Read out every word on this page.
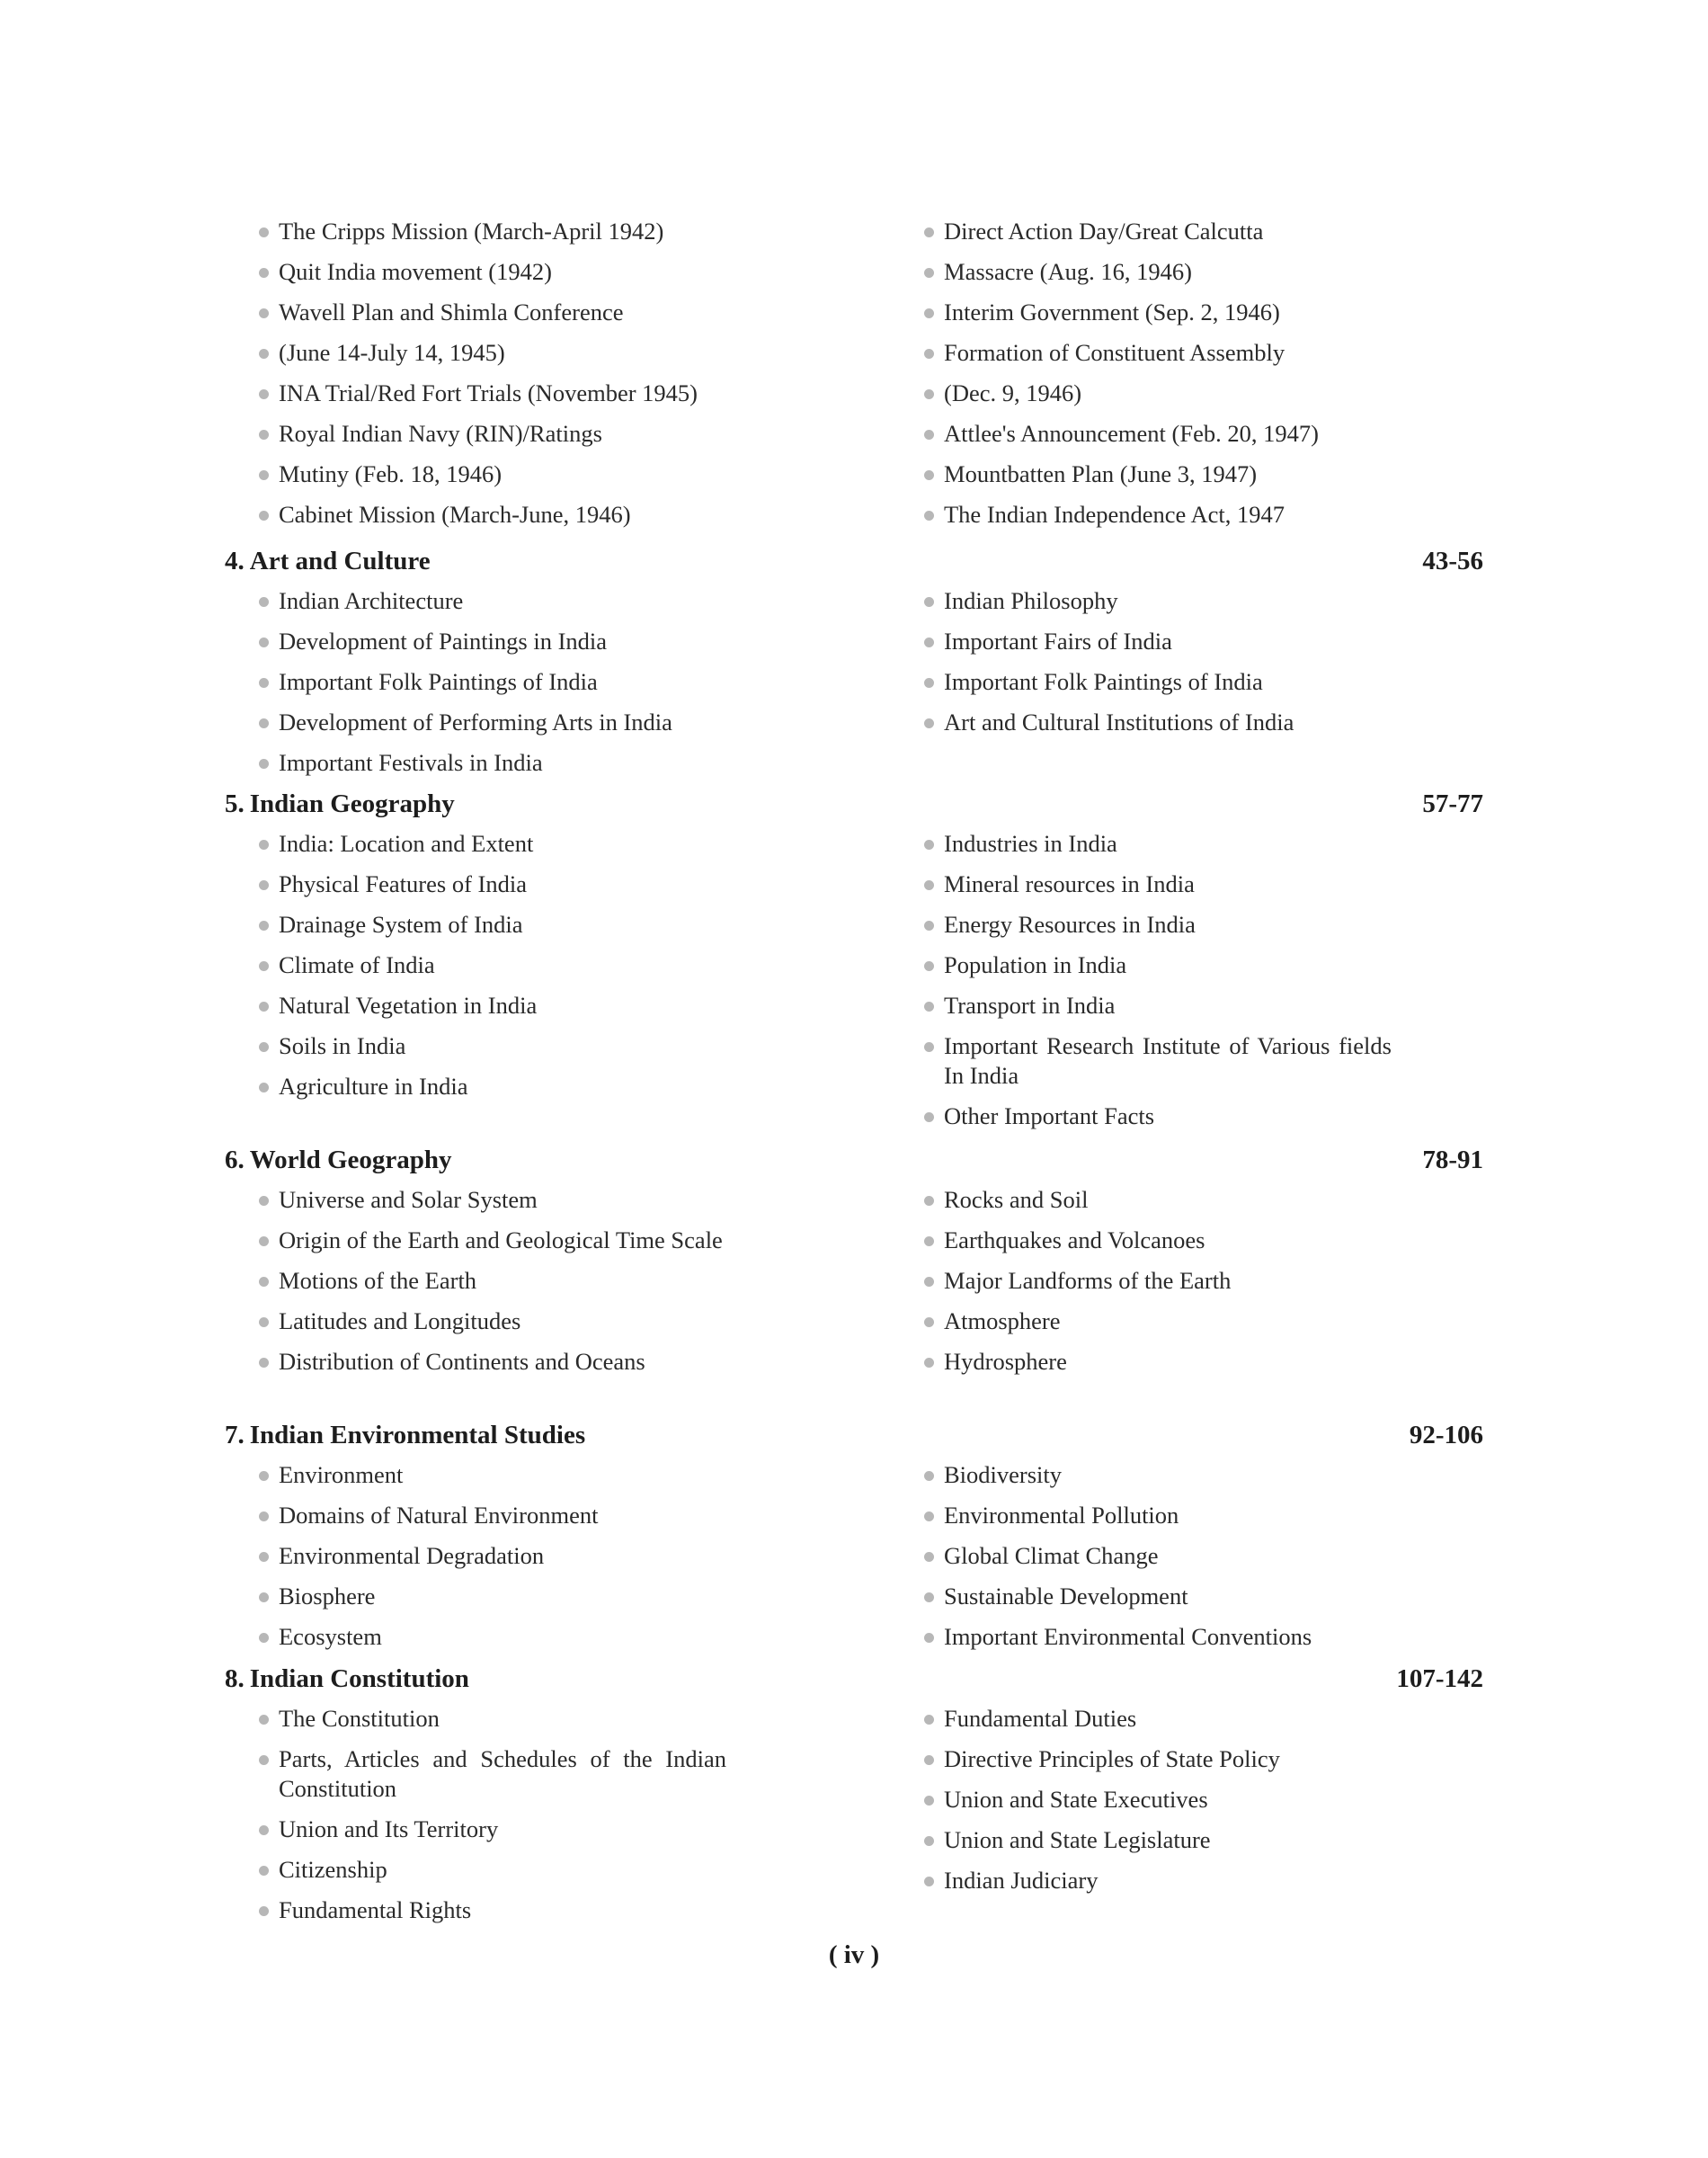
The Cripps Mission (March-April 1942)
Quit India movement (1942)
Wavell Plan and Shimla Conference
(June 14-July 14, 1945)
INA Trial/Red Fort Trials (November 1945)
Royal Indian Navy (RIN)/Ratings
Mutiny (Feb. 18, 1946)
Cabinet Mission (March-June, 1946)
Direct Action Day/Great Calcutta
Massacre (Aug. 16, 1946)
Interim Government (Sep. 2, 1946)
Formation of Constituent Assembly
(Dec. 9, 1946)
Attlee's Announcement (Feb. 20, 1947)
Mountbatten Plan (June 3, 1947)
The Indian Independence Act, 1947
4. Art and Culture	43-56
Indian Architecture
Development of Paintings in India
Important Folk Paintings of India
Development of Performing Arts in India
Important Festivals in India
Indian Philosophy
Important Fairs of India
Important Folk Paintings of India
Art and Cultural Institutions of India
5. Indian Geography	57-77
India: Location and Extent
Physical Features of India
Drainage System of India
Climate of India
Natural Vegetation in India
Soils in India
Agriculture in India
Industries in India
Mineral resources in India
Energy Resources in India
Population in India
Transport in India
Important Research Institute of Various fields In India
Other Important Facts
6. World Geography	78-91
Universe and Solar System
Origin of the Earth and Geological Time Scale
Motions of the Earth
Latitudes and Longitudes
Distribution of Continents and Oceans
Rocks and Soil
Earthquakes and Volcanoes
Major Landforms of the Earth
Atmosphere
Hydrosphere
7. Indian Environmental Studies	92-106
Environment
Domains of Natural Environment
Environmental Degradation
Biosphere
Ecosystem
Biodiversity
Environmental Pollution
Global Climat Change
Sustainable Development
Important Environmental Conventions
8. Indian Constitution	107-142
The Constitution
Parts, Articles and Schedules of the Indian Constitution
Union and Its Territory
Citizenship
Fundamental Rights
Fundamental Duties
Directive Principles of State Policy
Union and State Executives
Union and State Legislature
Indian Judiciary
( iv )
